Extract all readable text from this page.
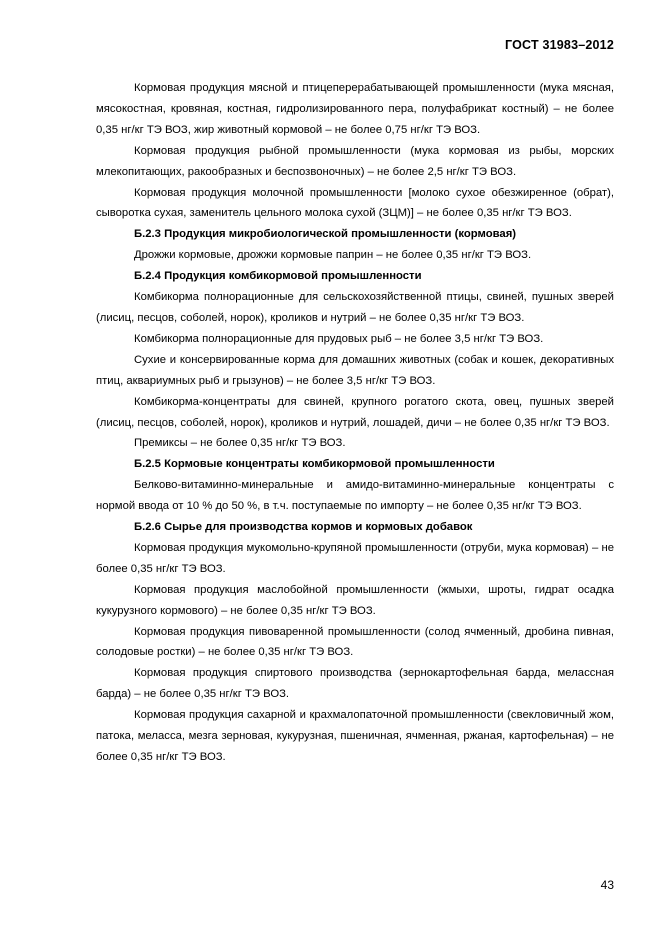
ГОСТ 31983–2012

Кормовая продукция мясной и птицеперерабатывающей промышленности (мука мясная, мясокостная, кровяная, костная, гидролизированного пера, полуфабрикат костный) – не более 0,35 нг/кг ТЭ ВОЗ, жир животный кормовой – не более 0,75 нг/кг ТЭ ВОЗ.

Кормовая продукция рыбной промышленности (мука кормовая из рыбы, морских млекопитающих, ракообразных и беспозвоночных) – не более 2,5 нг/кг ТЭ ВОЗ.

Кормовая продукция молочной промышленности [молоко сухое обезжиренное (обрат), сыворотка сухая, заменитель цельного молока сухой (ЗЦМ)] – не более 0,35 нг/кг ТЭ ВОЗ.

Б.2.3 Продукция микробиологической промышленности (кормовая)

Дрожжи кормовые, дрожжи кормовые паприн – не более 0,35 нг/кг ТЭ ВОЗ.

Б.2.4 Продукция комбикормовой промышленности

Комбикорма полнорационные для сельскохозяйственной птицы, свиней, пушных зверей (лисиц, песцов, соболей, норок), кроликов и нутрий – не более 0,35 нг/кг ТЭ ВОЗ.

Комбикорма полнорационные для прудовых рыб – не более 3,5 нг/кг ТЭ ВОЗ.

Сухие и консервированные корма для домашних животных (собак и кошек, декоративных птиц, аквариумных рыб и грызунов) – не более 3,5 нг/кг ТЭ ВОЗ.

Комбикорма-концентраты для свиней, крупного рогатого скота, овец, пушных зверей (лисиц, песцов, соболей, норок), кроликов и нутрий, лошадей, дичи – не более 0,35 нг/кг ТЭ ВОЗ.

Премиксы – не более 0,35 нг/кг ТЭ ВОЗ.

Б.2.5 Кормовые концентраты комбикормовой промышленности

Белково-витаминно-минеральные и амидо-витаминно-минеральные концентраты с нормой ввода от 10 % до 50 %, в т.ч. поступаемые по импорту – не более 0,35 нг/кг ТЭ ВОЗ.

Б.2.6 Сырье для производства кормов и кормовых добавок

Кормовая продукция мукомольно-крупяной промышленности (отруби, мука кормовая) – не более 0,35 нг/кг ТЭ ВОЗ.

Кормовая продукция маслобойной промышленности (жмыхи, шроты, гидрат осадка кукурузного кормового) – не более 0,35 нг/кг ТЭ ВОЗ.

Кормовая продукция пивоваренной промышленности (солод ячменный, дробина пивная, солодовые ростки) – не более 0,35 нг/кг ТЭ ВОЗ.

Кормовая продукция спиртового производства (зернокартофельная барда, мелассная барда) – не более 0,35 нг/кг ТЭ ВОЗ.

Кормовая продукция сахарной и крахмалопаточной промышленности (свекловичный жом, патока, меласса, мезга зерновая, кукурузная, пшеничная, ячменная, ржаная, картофельная) – не более 0,35 нг/кг ТЭ ВОЗ.

43
